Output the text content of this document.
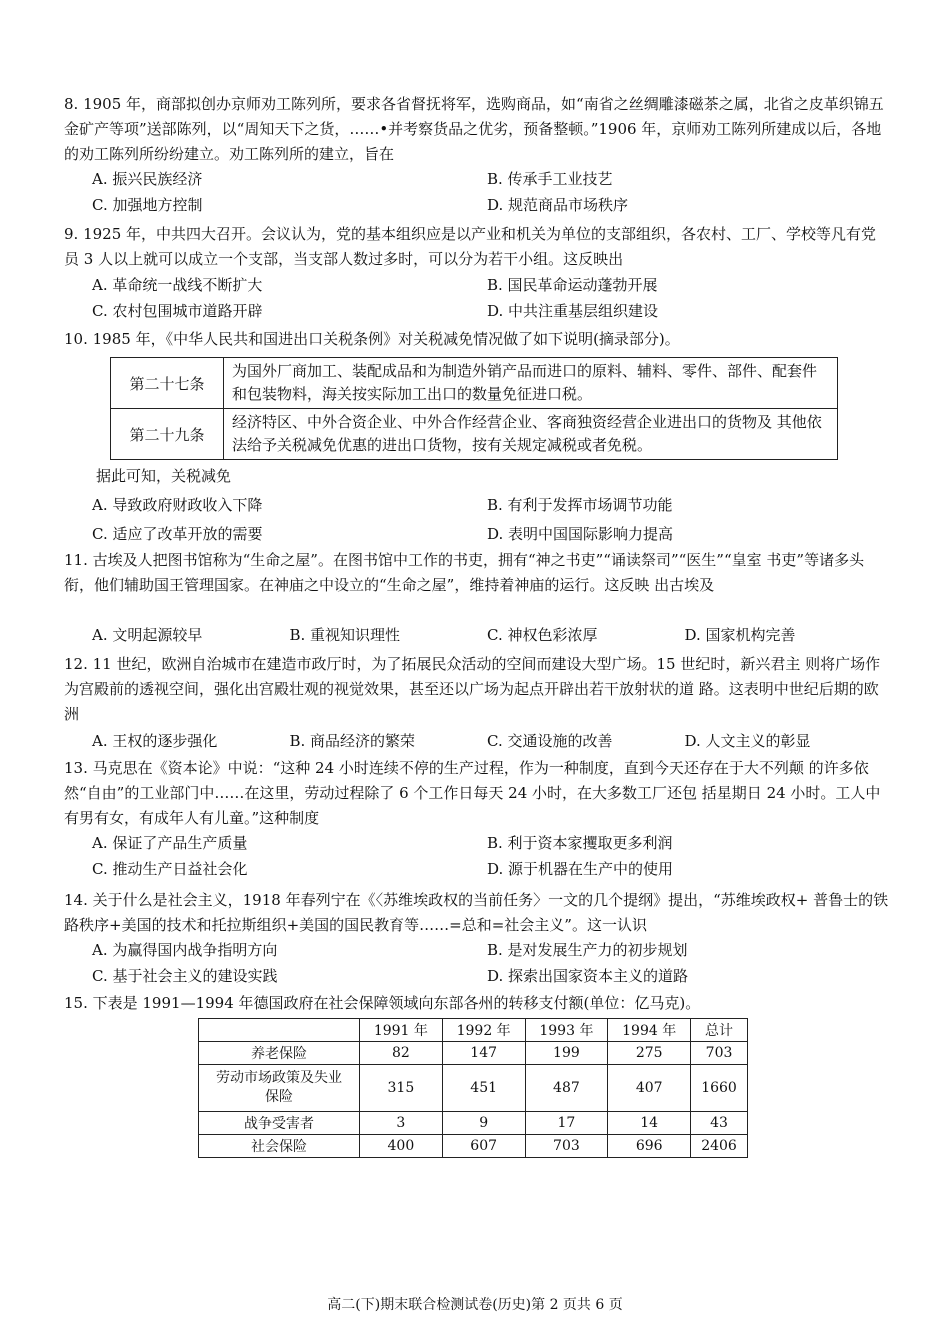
8. 1905 年，商部拟创办京师劝工陈列所，要求各省督抚将军，选购商品，如“南省之丝绸雕漆磁茶之属，北省之皮革织锦五金矿产等项”送部陈列，以“周知天下之货，……•并考察货品之优劣，预备整顿。”1906 年，京师劝工陈列所建成以后，各地的劝工陈列所纷纷建立。劝工陈列所的建立，旨在
A. 振兴民族经济	B. 传承手工业技艺
C. 加强地方控制	D. 规范商品市场秩序
9. 1925 年，中共四大召开。会议认为，党的基本组织应是以产业和机关为单位的支部组织，各农村、工厂、学校等凡有党员 3 人以上就可以成立一个支部，当支部人数过多时，可以分为若干小组。这反映出
A. 革命统一战线不断扩大	B. 国民革命运动蓬勃开展
C. 农村包围城市道路开辟	D. 中共注重基层组织建设
10. 1985 年，《中华人民共和国进出口关税条例》对关税减免情况做了如下说明(摘录部分)。
第二十七条	为国外厂商加工、装配成品和为制造外销产品而进口的原料、辅料、零件、部件、配套件和包装物料，海关按实际加工出口的数量免征进口税。
第二十九条	经济特区、中外合资企业、中外合作经营企业、客商独资经营企业进出口的货物及 其他依法给予关税减免优惠的进出口货物，按有关规定减税或者免税。
据此可知，关税减免
A. 导致政府财政收入下降	B. 有利于发挥市场调节功能
C. 适应了改革开放的需要	D. 表明中国国际影响力提高
11. 古埃及人把图书馆称为“生命之屋”。在图书馆中工作的书吏，拥有“神之书吏”“诵读祭司”“医生”“皇室 书吏”等诸多头衔，他们辅助国王管理国家。在神庙之中设立的“生命之屋”，维持着神庙的运行。这反映 出古埃及
A. 文明起源较早	B. 重视知识理性	C. 神权色彩浓厚	D. 国家机构完善
12. 11 世纪，欧洲自治城市在建造市政厅时，为了拓展民众活动的空间而建设大型广场。15 世纪时，新兴君主 则将广场作为宫殿前的透视空间，强化出宫殿壮观的视觉效果，甚至还以广场为起点开辟出若干放射状的道 路。这表明中世纪后期的欧洲
A. 王权的逐步强化	B. 商品经济的繁荣	C. 交通设施的改善	D. 人文主义的彰显
13. 马克思在《资本论》中说：“这种 24 小时连续不停的生产过程，作为一种制度，直到今天还存在于大不列颠 的许多依然“自由”的工业部门中……在这里，劳动过程除了 6 个工作日每天 24 小时，在大多数工厂还包 括星期日 24 小时。工人中有男有女，有成年人有儿童。”这种制度
A. 保证了产品生产质量	B. 利于资本家攫取更多利润
C. 推动生产日益社会化	D. 源于机器在生产中的使用
14. 关于什么是社会主义，1918 年春列宁在《〈苏维埃政权的当前任务〉一文的几个提纲》提出，“苏维埃政权+ 普鲁士的铁路秩序+美国的技术和托拉斯组织+美国的国民教育等……=总和=社会主义”。这一认识
A. 为赢得国内战争指明方向	B. 是对发展生产力的初步规划
C. 基于社会主义的建设实践	D. 探索出国家资本主义的道路
15. 下表是 1991—1994 年德国政府在社会保障领域向东部各州的转移支付额(单位：亿马克)。
	1991 年	1992 年	1993 年	1994 年	总计
养老保险	82	147	199	275	703
劳动市场政策及失业保险	315	451	487	407	1660
战争受害者	3	9	17	14	43
社会保险	400	607	703	696	2406
高二(下)期末联合检测试卷(历史)第 2 页共 6 页
